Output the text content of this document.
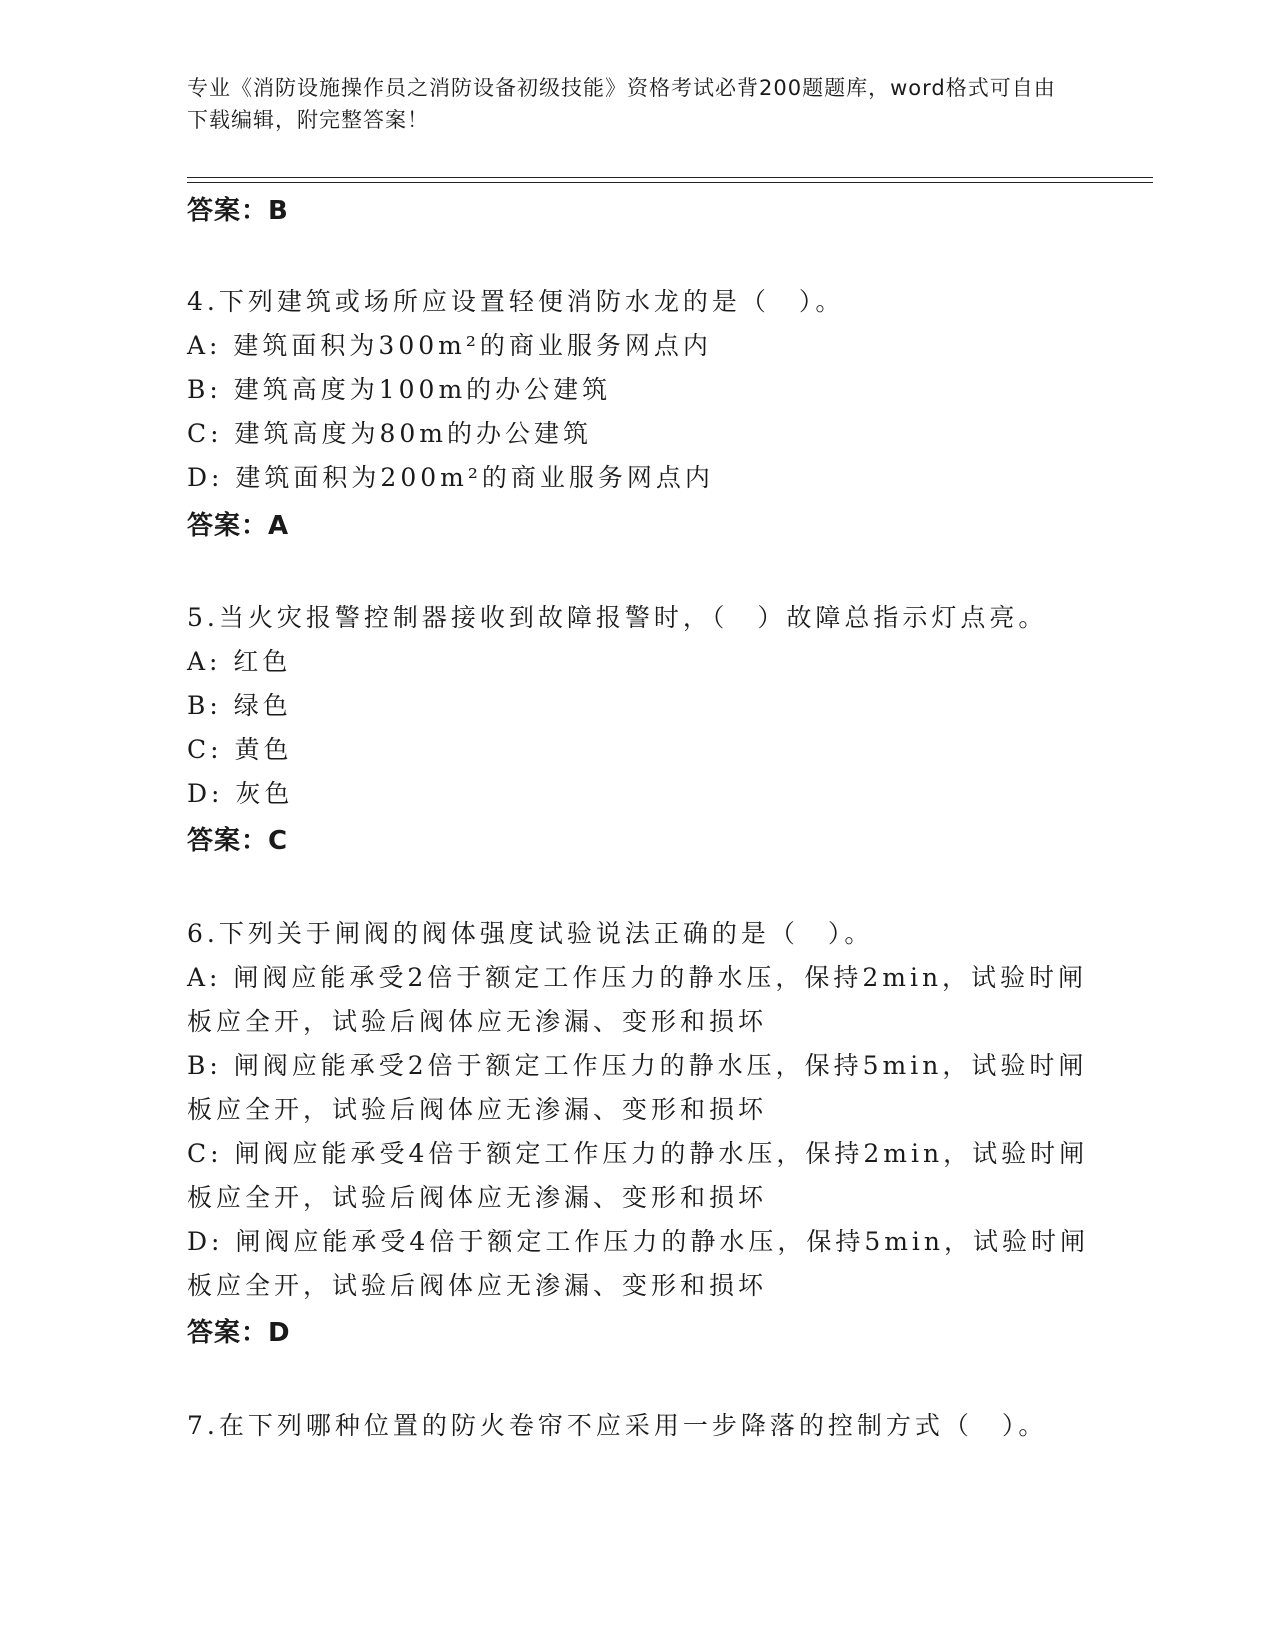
专业《消防设施操作员之消防设备初级技能》资格考试必背200题题库，word格式可自由下载编辑，附完整答案！
答案：B
4.下列建筑或场所应设置轻便消防水龙的是（　）。
A: 建筑面积为300m²的商业服务网点内
B: 建筑高度为100m的办公建筑
C: 建筑高度为80m的办公建筑
D: 建筑面积为200m²的商业服务网点内
答案：A
5.当火灾报警控制器接收到故障报警时，（　）故障总指示灯点亮。
A: 红色
B: 绿色
C: 黄色
D: 灰色
答案：C
6.下列关于闸阀的阀体强度试验说法正确的是（　）。
A: 闸阀应能承受2倍于额定工作压力的静水压，保持2min，试验时闸
板应全开，试验后阀体应无渗漏、变形和损坏
B: 闸阀应能承受2倍于额定工作压力的静水压，保持5min，试验时闸
板应全开，试验后阀体应无渗漏、变形和损坏
C: 闸阀应能承受4倍于额定工作压力的静水压，保持2min，试验时闸
板应全开，试验后阀体应无渗漏、变形和损坏
D: 闸阀应能承受4倍于额定工作压力的静水压，保持5min，试验时闸
板应全开，试验后阀体应无渗漏、变形和损坏
答案：D
7.在下列哪种位置的防火卷帘不应采用一步降落的控制方式（　）。
